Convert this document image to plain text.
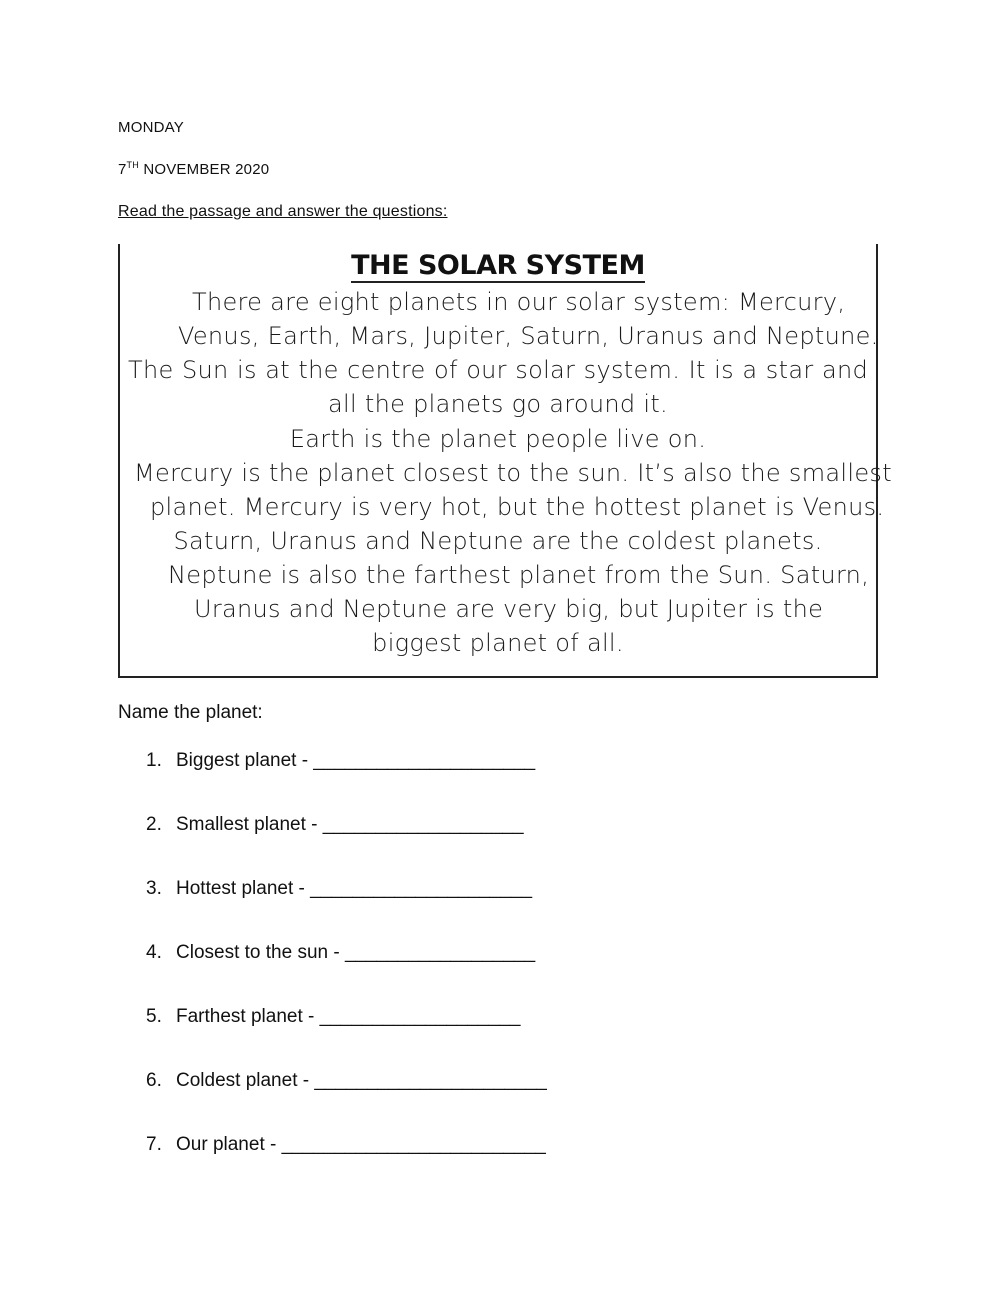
MONDAY
7TH NOVEMBER 2020
Read the passage and answer the questions:
THE SOLAR SYSTEM
There are eight planets in our solar system: Mercury,
Venus, Earth, Mars, Jupiter, Saturn, Uranus and Neptune.
The Sun is at the centre of our solar system. It is a star and
all the planets go around it.
Earth is the planet people live on.
Mercury is the planet closest to the sun. It’s also the smallest
planet. Mercury is very hot, but the hottest planet is Venus.
Saturn, Uranus and Neptune are the coldest planets.
Neptune is also the farthest planet from the Sun. Saturn,
Uranus and Neptune are very big, but Jupiter is the
biggest planet of all.
Name the planet:
1. Biggest planet - _____________________
2. Smallest planet - ___________________
3. Hottest planet - _____________________
4. Closest to the sun - __________________
5. Farthest planet - ___________________
6. Coldest planet - ______________________
7. Our planet - _________________________
